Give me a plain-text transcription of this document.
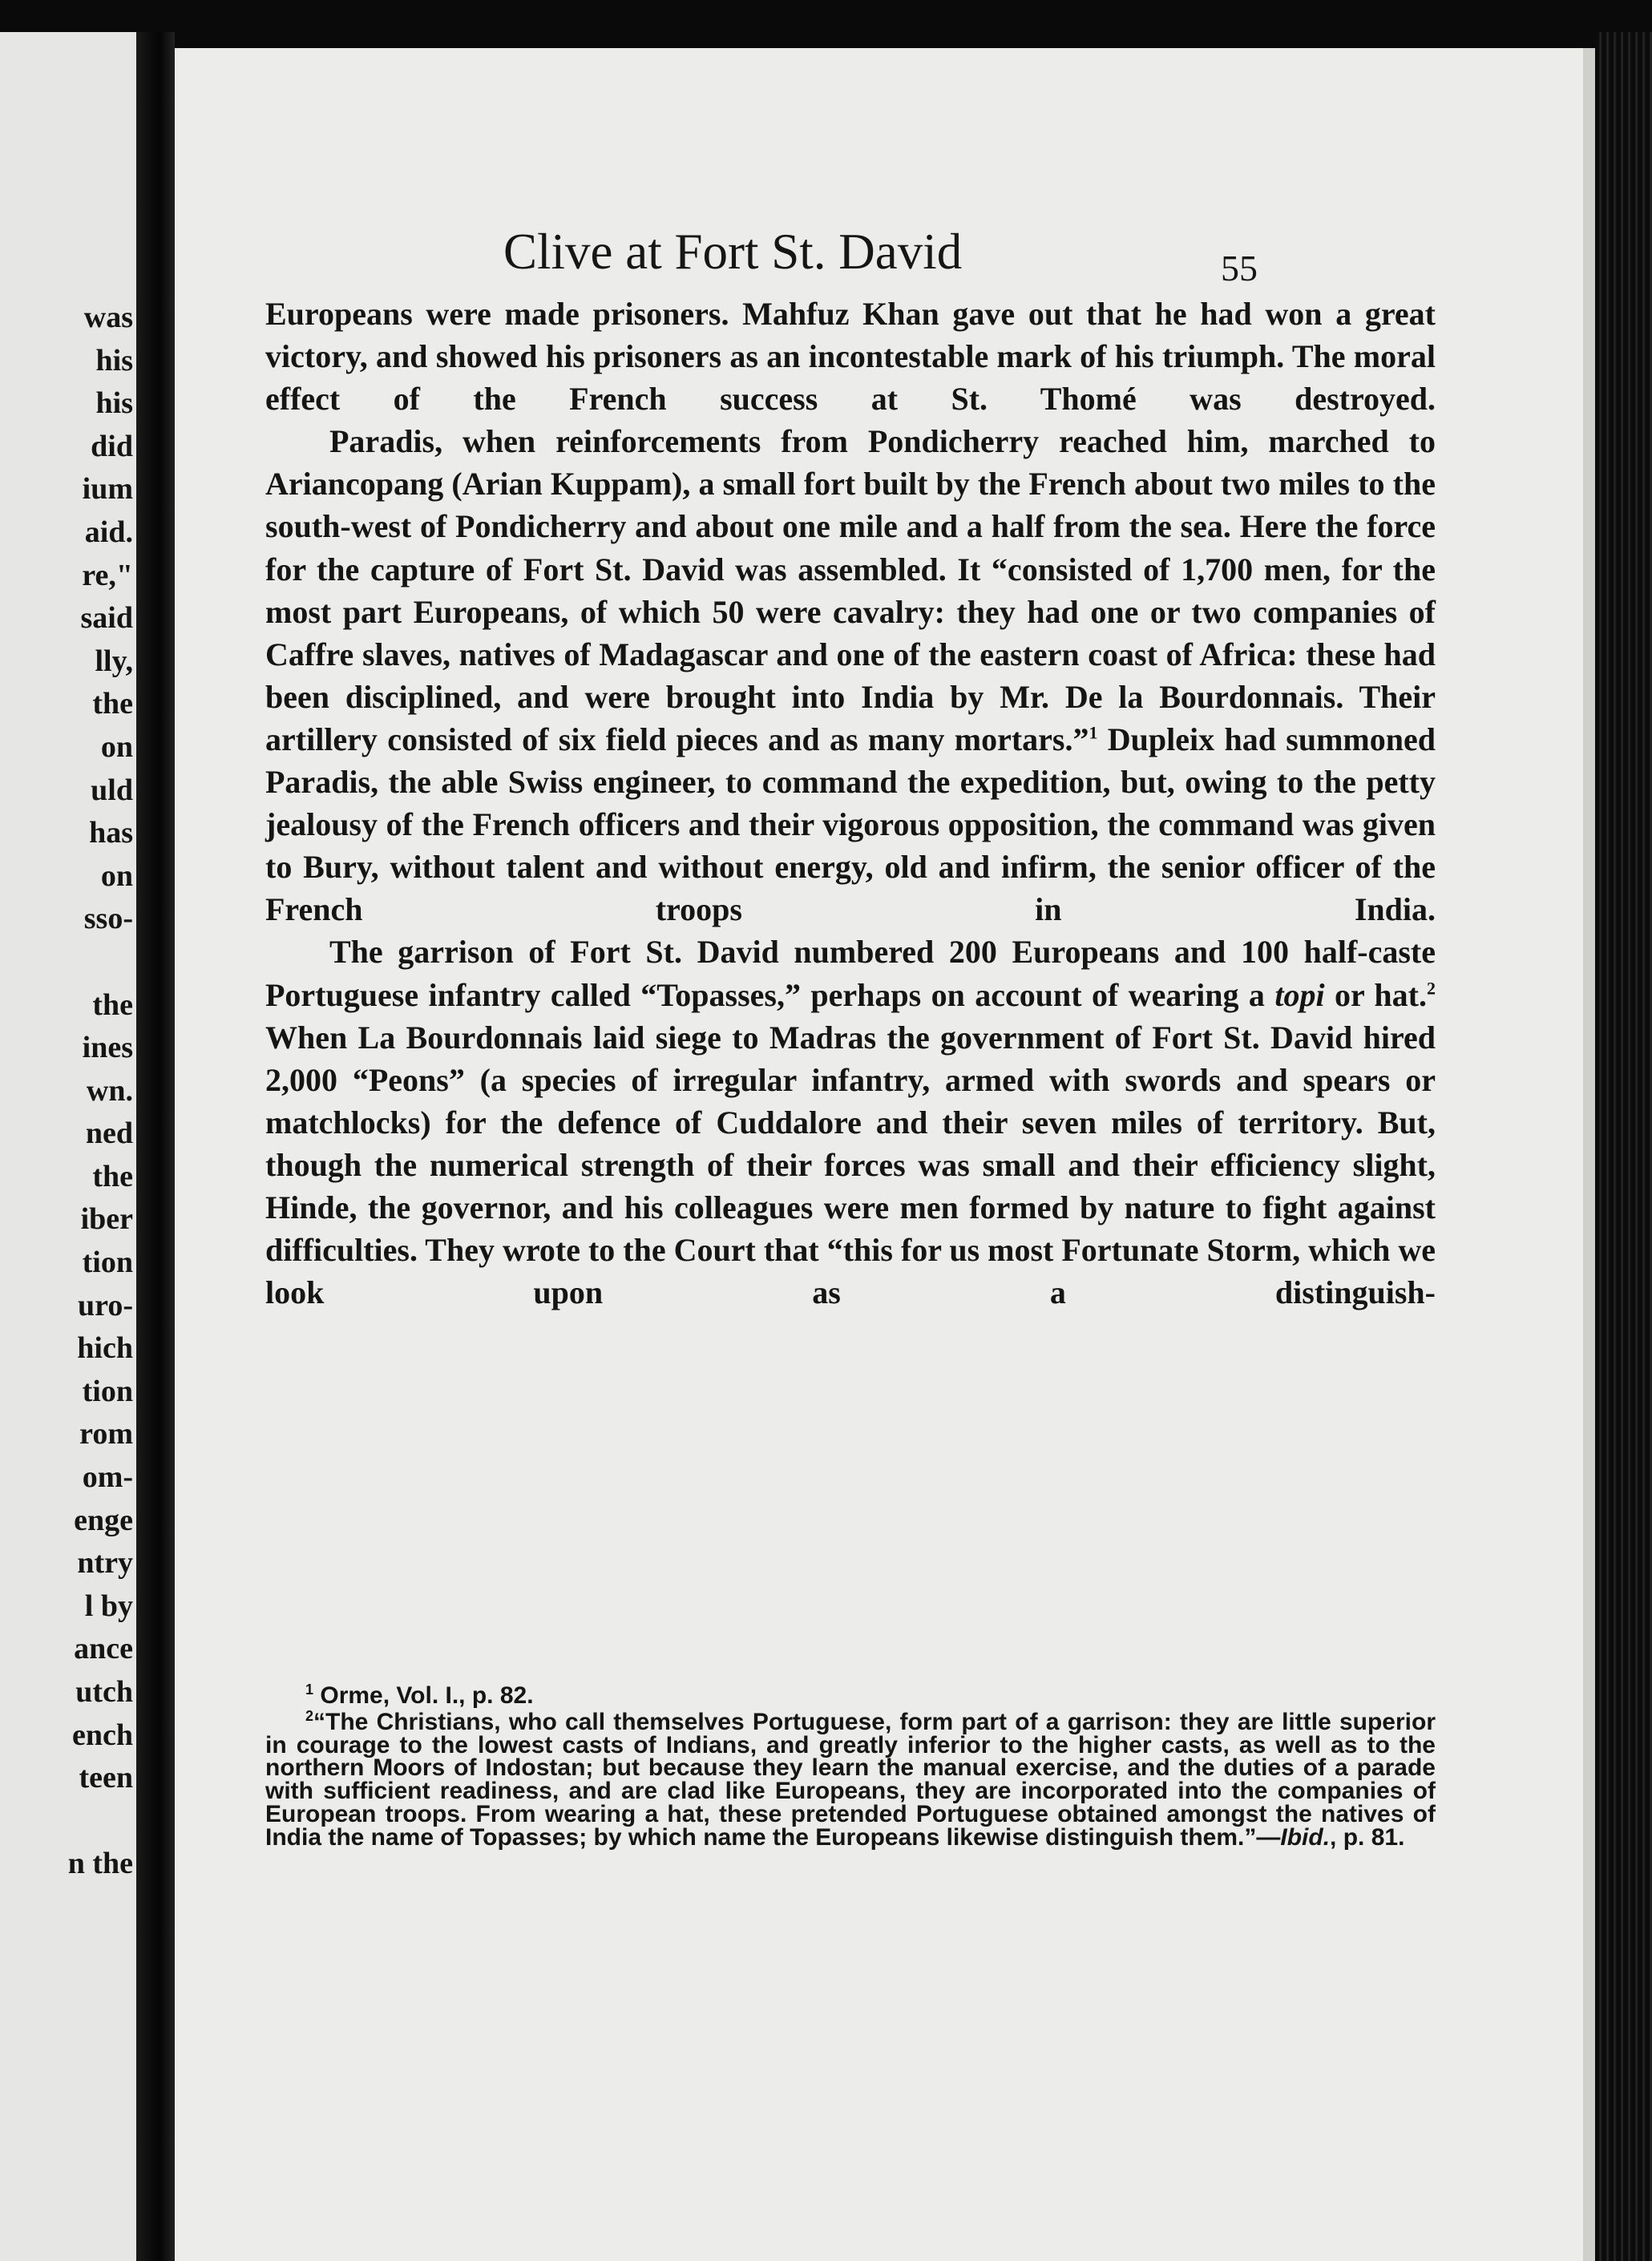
was
his
his
did
ium
aid.
re,"
said
lly,
the
on
uld
has
on
sso-

the
ines
wn.
ned
the
iber
tion
uro-
hich
tion
rom
om-
enge
ntry
l by
ance
utch
ench
teen

n the
Clive at Fort St. David	55

Europeans were made prisoners. Mahfuz Khan gave out that he had won a great victory, and showed his prisoners as an incontestable mark of his triumph. The moral effect of the French success at St. Thomé was destroyed.

Paradis, when reinforcements from Pondicherry reached him, marched to Ariancopang (Arian Kuppam), a small fort built by the French about two miles to the south-west of Pondicherry and about one mile and a half from the sea. Here the force for the capture of Fort St. David was assembled. It “consisted of 1,700 men, for the most part Europeans, of which 50 were cavalry: they had one or two companies of Caffre slaves, natives of Madagascar and one of the eastern coast of Africa: these had been disciplined, and were brought into India by Mr. De la Bourdonnais. Their artillery consisted of six field pieces and as many mortars.”$^1$ Dupleix had summoned Paradis, the able Swiss engineer, to command the expedition, but, owing to the petty jealousy of the French officers and their vigorous opposition, the command was given to Bury, without talent and without energy, old and infirm, the senior officer of the French troops in India.

The garrison of Fort St. David numbered 200 Europeans and 100 half-caste Portuguese infantry called “Topasses,” perhaps on account of wearing a topi or hat.$^2$ When La Bourdonnais laid siege to Madras the government of Fort St. David hired 2,000 “Peons” (a species of irregular infantry, armed with swords and spears or matchlocks) for the defence of Cuddalore and their seven miles of territory. But, though the numerical strength of their forces was small and their efficiency slight, Hinde, the governor, and his colleagues were men formed by nature to fight against difficulties. They wrote to the Court that “this for us most Fortunate Storm, which we look upon as a distinguish-

$^1$ Orme, Vol. I., p. 82.

$^2$“The Christians, who call themselves Portuguese, form part of a garrison: they are little superior in courage to the lowest casts of Indians, and greatly inferior to the higher casts, as well as to the northern Moors of Indostan; but because they learn the manual exercise, and the duties of a parade with sufficient readiness, and are clad like Europeans, they are incorporated into the companies of European troops. From wearing a hat, these pretended Portuguese obtained amongst the natives of India the name of Topasses; by which name the Europeans likewise distinguish them.”—Ibid., p. 81.
